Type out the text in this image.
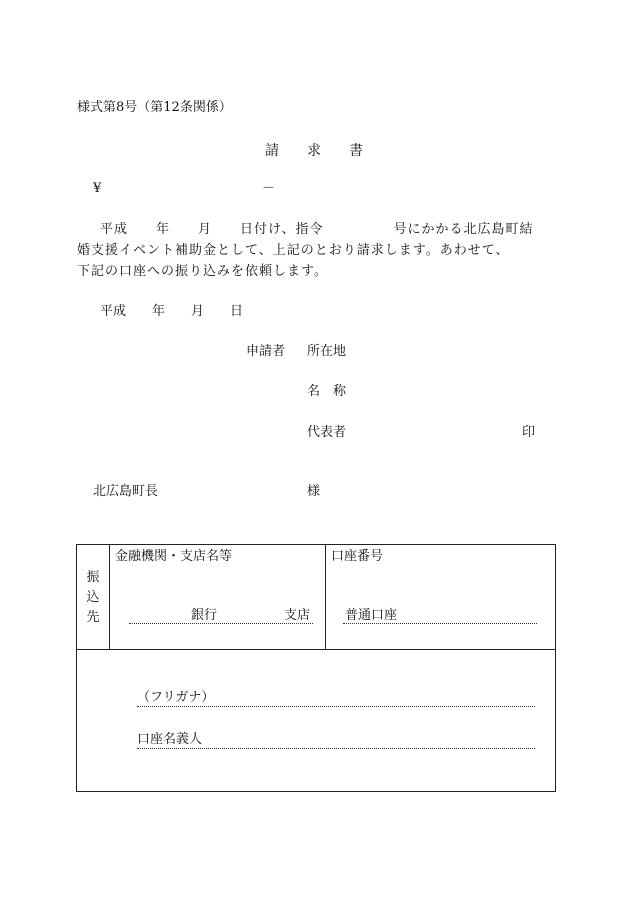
様式第8号（第12条関係）
請　　求　　書
¥	－
平成　　年　　月　　日付け、指令　　　　　号にかかる北広島町結
婚支援イベント補助金として、上記のとおり請求します。あわせて、
下記の口座への振り込みを依頼します。
平成　　年　　月　　日
申請者 所在地
名　称
代表者	印
北広島町長	様
振
込
先
金融機関・支店名等
銀行	支店
口座番号
普通口座
（フリガナ）
口座名義人
